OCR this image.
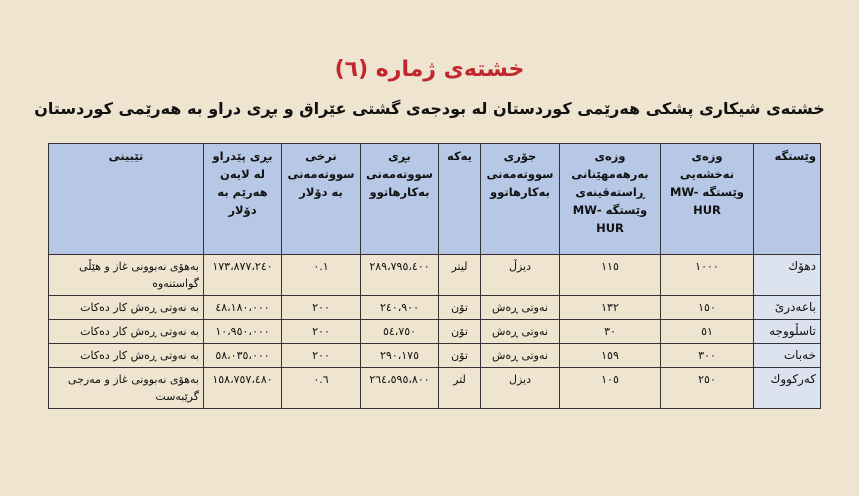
خشتەی ژمارە (٦)
خشتەی شیکاری پشکی هەرێمی کوردستان لە بودجەی گشتی عێراق و بڕی دراو بە هەرێمی کوردستان
وێستگە	وزەی نەخشەیی وێستگە MW-HUR	وزەی بەرهەمهێنانی ڕاستەقینەی وێستگە -MW HUR	جۆری سووتەمەنی بەکارهاتوو	یەکە	بڕی سووتەمەنی بەکارهاتوو	نرخی سووتەمەنی بە دۆلار	بڕی پێدراو لە لایەن هەرێم بە دۆلار	تێبینی
دهۆك	١٠٠٠	١١٥	دیزڵ	لیتر	٢٨٩،٧٩٥،٤٠٠	٠.١	١٧٣،٨٧٧،٢٤٠	بەهۆی نەبوونی غاز و هێڵی گواستنەوە
باعەدرێ	١٥٠	١٣٢	نەوتی ڕەش	تۆن	٢٤٠،٩٠٠	٢٠٠	٤٨،١٨٠،٠٠٠	بە نەوتی ڕەش کار دەکات
تاسڵووجە	٥١	٣٠	نەوتی ڕەش	تۆن	٥٤،٧٥٠	٢٠٠	١٠،٩٥٠،٠٠٠	بە نەوتی ڕەش کار دەکات
خەبات	٣٠٠	١٥٩	نەوتی ڕەش	تۆن	٢٩٠،١٧٥	٢٠٠	٥٨،٠٣٥،٠٠٠	بە نەوتی ڕەش کار دەکات
کەرکووك	٢٥٠	١٠٥	دیزل	لتر	٢٦٤،٥٩٥،٨٠٠	٠.٦	١٥٨،٧٥٧،٤٨٠	بەهۆی نەبوونی غاز و مەرجی گرێبەست
